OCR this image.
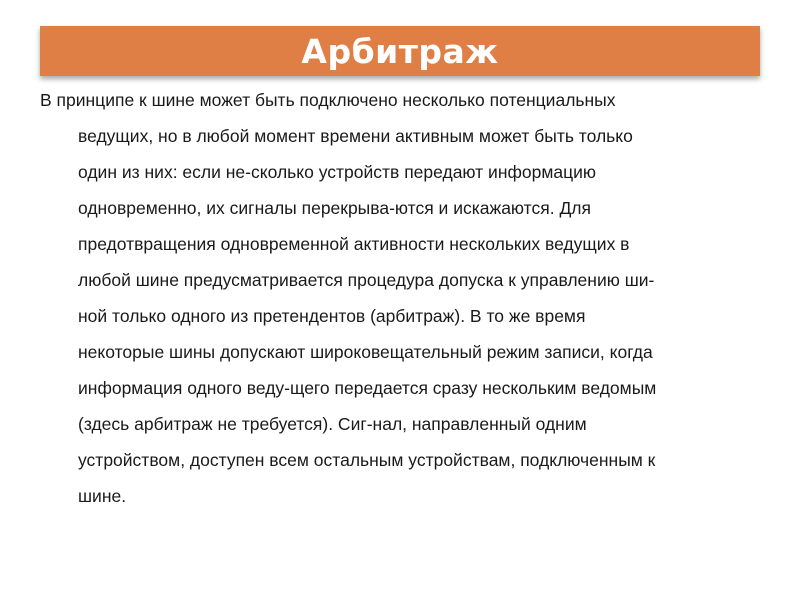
Арбитраж

В принципе к шине может быть подключено несколько потенциальных
ведущих, но в любой момент времени активным может быть только
один из них: если не-сколько устройств передают информацию
одновременно, их сигналы перекрыва-ются и искажаются. Для
предотвращения одновременной активности нескольких ведущих в
любой шине предусматривается процедура допуска к управлению ши-
ной только одного из претендентов (арбитраж). В то же время
некоторые шины допускают широковещательный режим записи, когда
информация одного веду-щего передается сразу нескольким ведомым
(здесь арбитраж не требуется). Сиг-нал, направленный одним
устройством, доступен всем остальным устройствам, подключенным к
шине.
